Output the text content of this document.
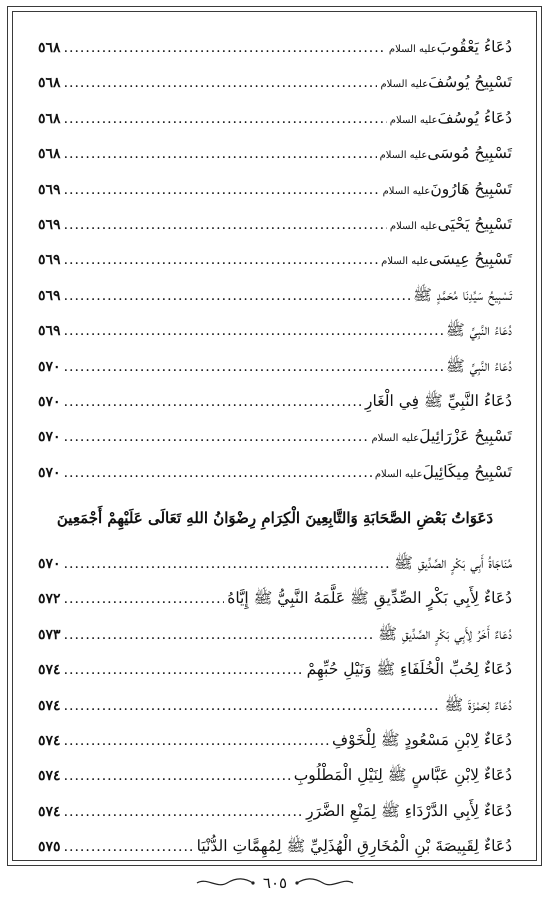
دُعَاءُ يَعْقُوبَ
عليه السلام
.....
٥٦٨
تَسْبِيحُ يُوسُفَ
عليه السلام
.....
٥٦٨
دُعَاءُ يُوسُفَ
عليه السلام
.....
٥٦٨
تَسْبِيحُ مُوسَى
عليه السلام
.....
٥٦٨
تَسْبِيحُ هَارُونَ
عليه السلام
.....
٥٦٩
تَسْبِيحُ يَحْيَى
عليه السلام
.....
٥٦٩
تَسْبِيحُ عِيسَى
عليه السلام
.....
٥٦٩
تَسْبِيحُ سَيِّدِنَا مُحَمَّدٍ ﷺ
.....
٥٦٩
دُعَاءُ النَّبِيِّ ﷺ
.....
٥٦٩
دُعَاءُ النَّبِيِّ ﷺ
.....
٥٧٠
دُعَاءُ النَّبِيِّ ﷺ فِي الْغَارِ
.....
٥٧٠
تَسْبِيحُ عَزْرَائِيلَ
عليه السلام
.....
٥٧٠
تَسْبِيحُ مِيكَائِيلَ
عليه السلام
.....
٥٧٠
دَعَوَاتُ بَعْضِ الصَّحَابَةِ وَالتَّابِعِينَ الْكِرَامِ رِضْوَانُ اللهِ تَعَالَى عَلَيْهِمْ أَجْمَعِينَ
مُنَاجَاةُ أَبِي بَكْرٍ الصِّدِّيقِ ﷺ
.....
٥٧٠
دُعَاءٌ لِأَبِي بَكْرٍ الصِّدِّيقِ ﷺ عَلَّمَهُ النَّبِيُّ ﷺ إِيَّاهُ
.....
٥٧٢
دُعَاءٌ أَخَرُ لِأَبِي بَكْرٍ الصِّدِّيقِ ﷺ
.....
٥٧٣
دُعَاءٌ لِحُبِّ الْخُلَفَاءِ ﷺ وَنَيْلِ حُبِّهِمْ
.....
٥٧٤
دُعَاءٌ لِحَمْزَةَ ﷺ
.....
٥٧٤
دُعَاءٌ لِابْنِ مَسْعُودٍ ﷺ لِلْخَوْفِ
.....
٥٧٤
دُعَاءٌ لِابْنِ عَبَّاسٍ ﷺ لِنَيْلِ الْمَطْلُوبِ
.....
٥٧٤
دُعَاءٌ لِأَبِي الدَّرْدَاءِ ﷺ لِمَنْعِ الضَّرَرِ
.....
٥٧٤
دُعَاءٌ لِقَبِيصَةَ بْنِ الْمُخَارِقِ الْهُذَلِيِّ ﷺ لِمُهِمَّاتِ الدُّنْيَا
.....
٥٧٥
٦٠٥
